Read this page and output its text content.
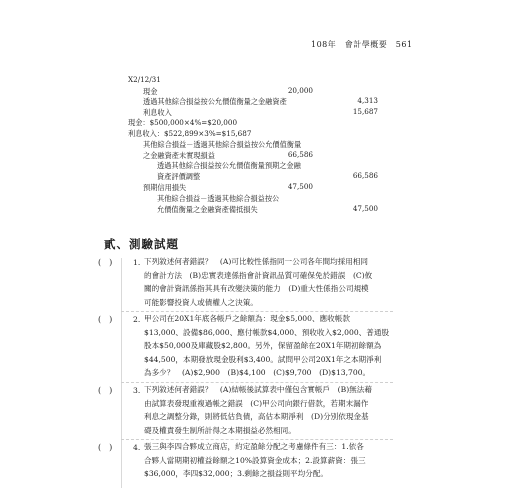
108年　會計學概要　561
X2/12/31
現金	20,000
透過其他綜合損益按公允價值衡量之金融資產	4,313
利息收入	15,687
現金：$500,000×4%=$20,000
利息收入：$522,899×3%=$15,687
其他綜合損益－透過其他綜合損益按公允價值衡量
之金融資產未實現損益	66,586
透過其他綜合損益按公允價值衡量預期之金融
資產評價調整	66,586
預期信用損失	47,500
其他綜合損益－透過其他綜合損益按公
允價值衡量之金融資產備抵損失	47,500
貳、測驗試題
(　)	1. 下列敘述何者錯誤？　(A)可比較性係指同一公司各年間均採用相同

的會計方法　(B)忠實表達係指會計資訊品質可確保免於錯誤　(C)攸

關的會計資訊係指其具有改變決策的能力　(D)重大性係指公司規模

可能影響投資人或債權人之決策。

(　)	2. 甲公司在20X1年底各帳戶之餘額為：現金$5,000、應收帳款

$13,000、設備$86,000、應付帳款$4,000、預收收入$2,000、普通股

股本$50,000及庫藏股$2,800。另外，保留盈餘在20X1年期初餘額為

$44,500，本期發放現金股利$3,400。試問甲公司20X1年之本期淨利

為多少？　(A)$2,900　(B)$4,100　(C)$9,700　(D)$13,700。

(　)	3. 下列敘述何者錯誤？　(A)結帳後試算表中僅包含實帳戶　(B)無法藉

由試算表發現重複過帳之錯誤　(C)甲公司向銀行借款，若期末漏作

利息之調整分錄，則將低估負債，高估本期淨利　(D)分別依現金基

礎及權責發生制所計得之本期損益必然相同。

(　)	4. 張三與李四合夥成立商店，約定盈餘分配之考慮條件有三：1.依各

合夥人當期期初權益餘額之10%設算資金成本；2.設算薪資：張三

$36,000，李四$32,000；3.剩餘之損益則平均分配。
